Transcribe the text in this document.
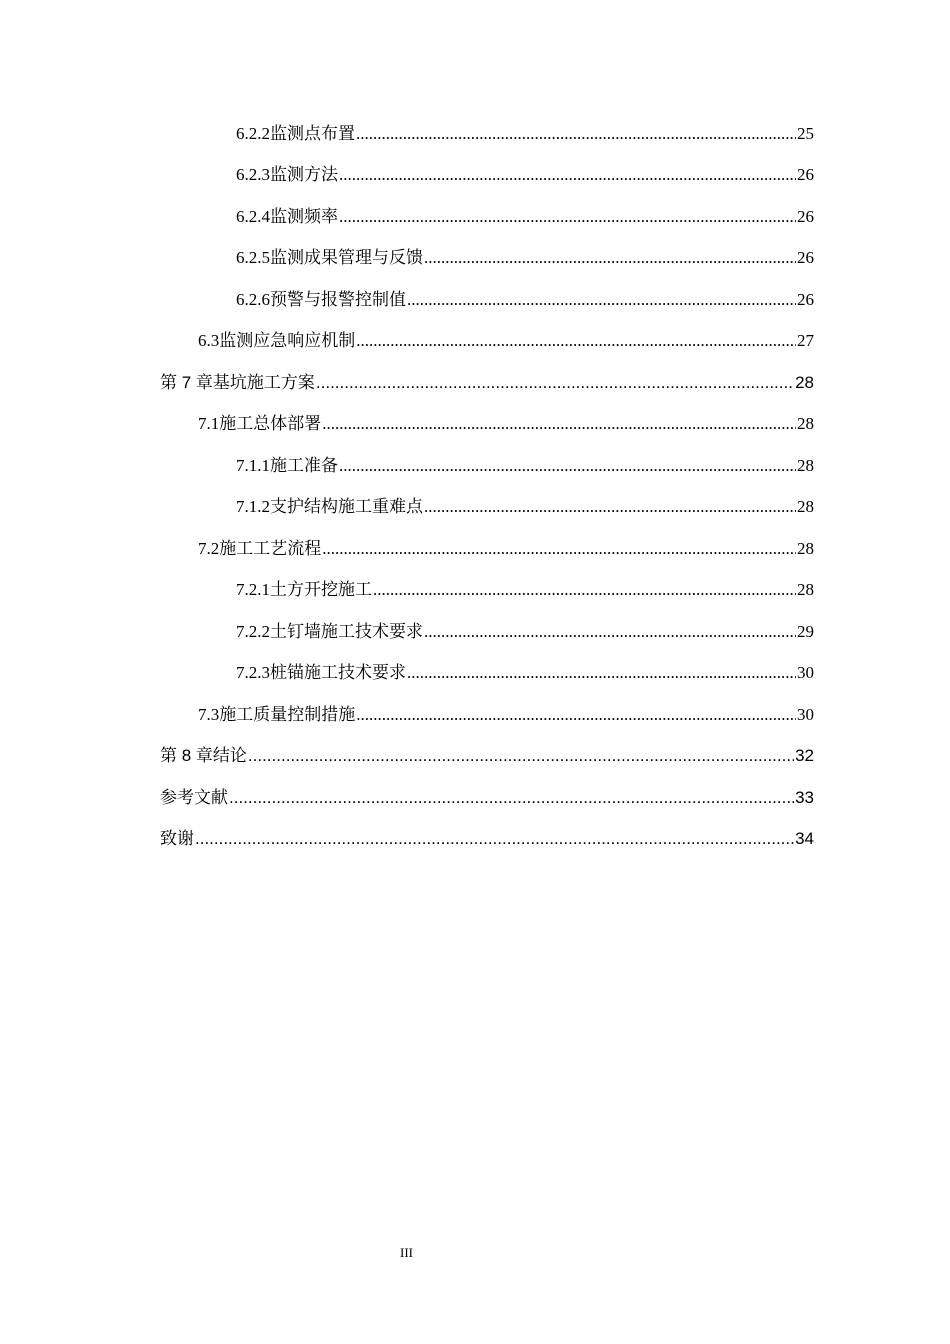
6.2.2 监测点布置 .....	25
6.2.3 监测方法 .....	26
6.2.4 监测频率 .....	26
6.2.5 监测成果管理与反馈 .....	26
6.2.6 预警与报警控制值 .....	26
6.3 监测应急响应机制 .....	27
第 7 章 基坑施工方案 .....	28
7.1 施工总体部署 .....	28
7.1.1 施工准备 .....	28
7.1.2 支护结构施工重难点 .....	28
7.2 施工工艺流程 .....	28
7.2.1 土方开挖施工 .....	28
7.2.2 土钉墙施工技术要求 .....	29
7.2.3 桩锚施工技术要求 .....	30
7.3 施工质量控制措施 .....	30
第 8 章 结论 .....	32
参考文献 .....	33
致谢 .....	34
III
